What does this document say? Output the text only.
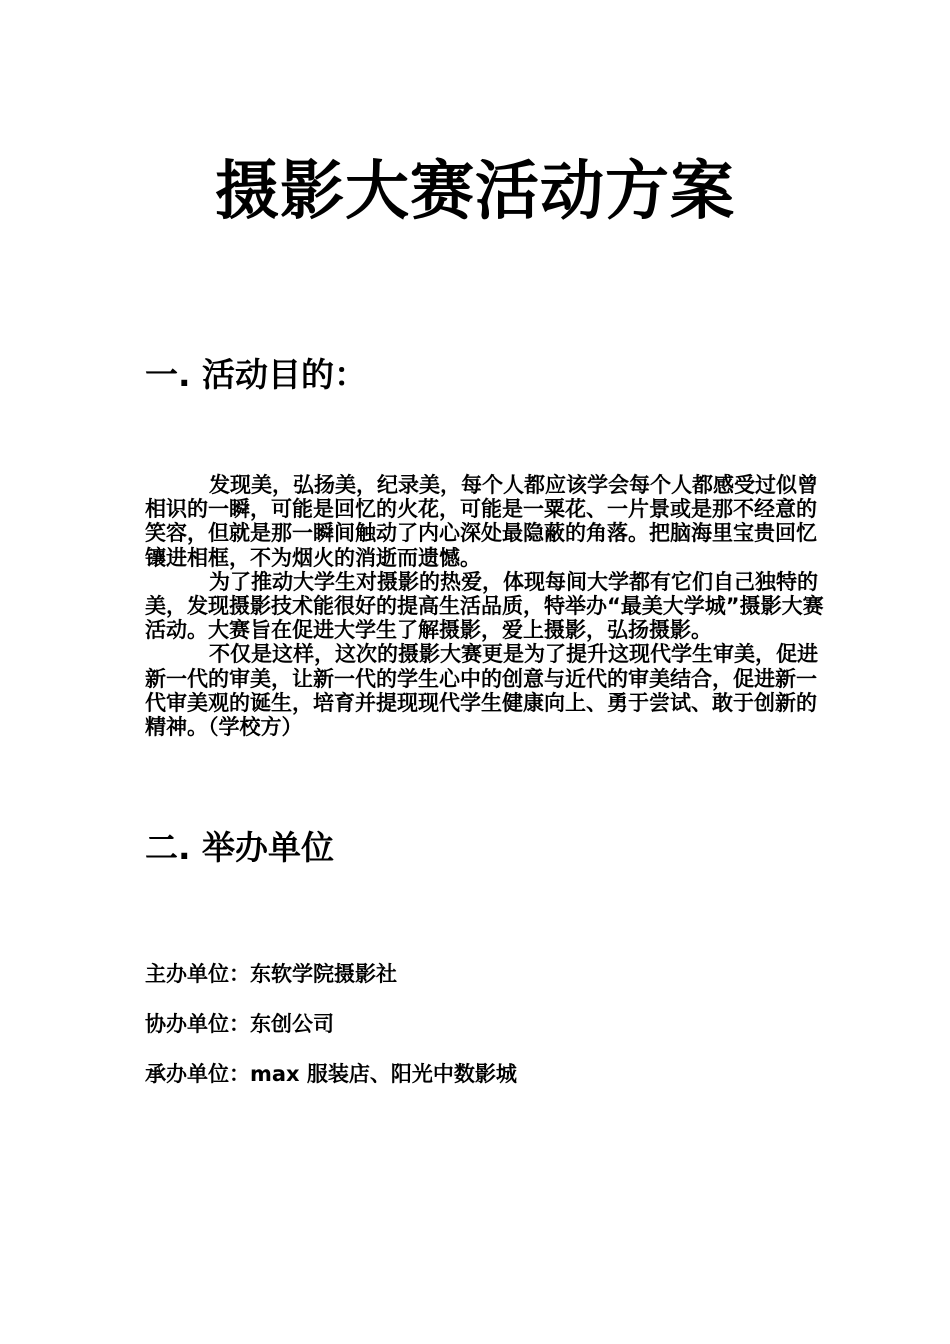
摄影大赛活动方案
一. 活动目的：

发现美，弘扬美，纪录美，每个人都应该学会每个人都感受过似曾相识的一瞬，可能是回忆的火花，可能是一粟花、一片景或是那不经意的笑容，但就是那一瞬间触动了内心深处最隐蔽的角落。把脑海里宝贵回忆镶进相框，不为烟火的消逝而遗憾。

为了推动大学生对摄影的热爱，体现每间大学都有它们自己独特的美，发现摄影技术能很好的提高生活品质，特举办“最美大学城”摄影大赛活动。大赛旨在促进大学生了解摄影，爱上摄影，弘扬摄影。

不仅是这样，这次的摄影大赛更是为了提升这现代学生审美，促进新一代的审美，让新一代的学生心中的创意与近代的审美结合，促进新一代审美观的诞生，培育并提现现代学生健康向上、勇于尝试、敢于创新的精神。（学校方）

二. 举办单位
主办单位：东软学院摄影社
协办单位：东创公司
承办单位：max 服装店、阳光中数影城
